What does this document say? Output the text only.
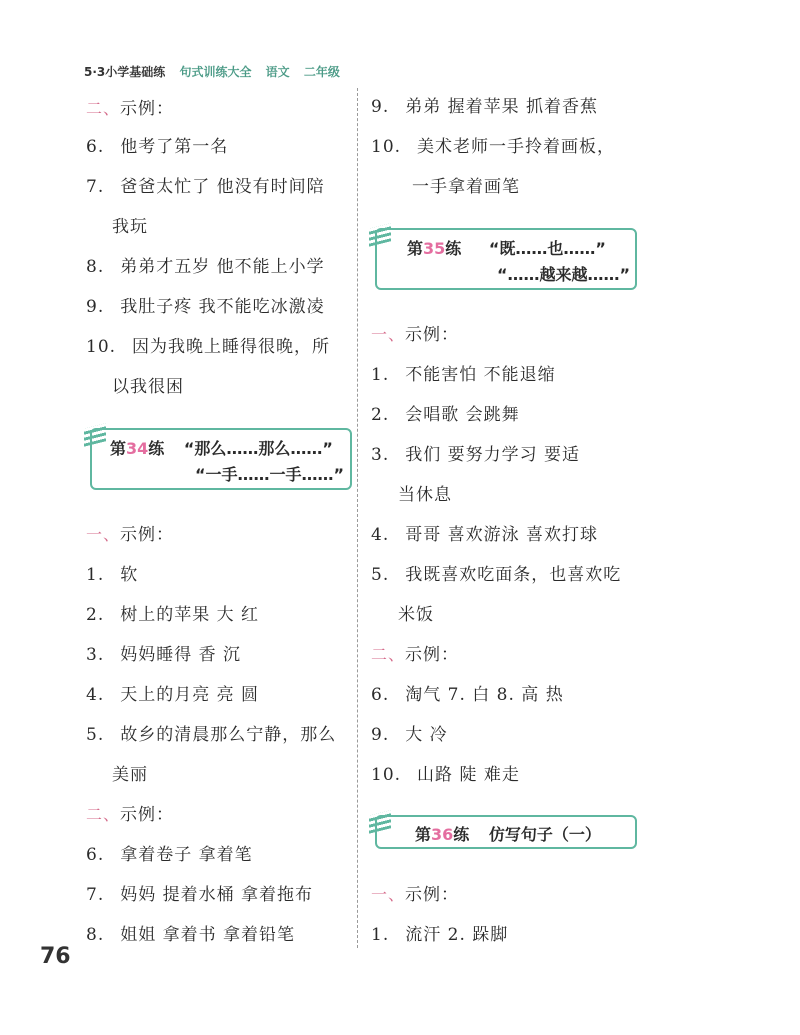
5·3小学基础练 句式训练大全 语文 二年级
二、示例：
6. 他考了第一名
7. 爸爸太忙了 他没有时间陪
我玩
8. 弟弟才五岁 他不能上小学
9. 我肚子疼 我不能吃冰激凌
10. 因为我晚上睡得很晚，所
以我很困
第34练 “那么……那么……”
“一手……一手……”
一、示例：
1. 软
2. 树上的苹果 大 红
3. 妈妈睡得 香 沉
4. 天上的月亮 亮 圆
5. 故乡的清晨那么宁静，那么
美丽
二、示例：
6. 拿着卷子 拿着笔
7. 妈妈 提着水桶 拿着拖布
8. 姐姐 拿着书 拿着铅笔
9. 弟弟 握着苹果 抓着香蕉
10. 美术老师一手拎着画板，
一手拿着画笔
第35练 “既……也……”
“……越来越……”
一、示例：
1. 不能害怕 不能退缩
2. 会唱歌 会跳舞
3. 我们 要努力学习 要适
当休息
4. 哥哥 喜欢游泳 喜欢打球
5. 我既喜欢吃面条，也喜欢吃
米饭
二、示例：
6. 淘气 7. 白 8. 高 热
9. 大 冷
10. 山路 陡 难走
第36练 仿写句子（一）
一、示例：
1. 流汗 2. 跺脚
76
